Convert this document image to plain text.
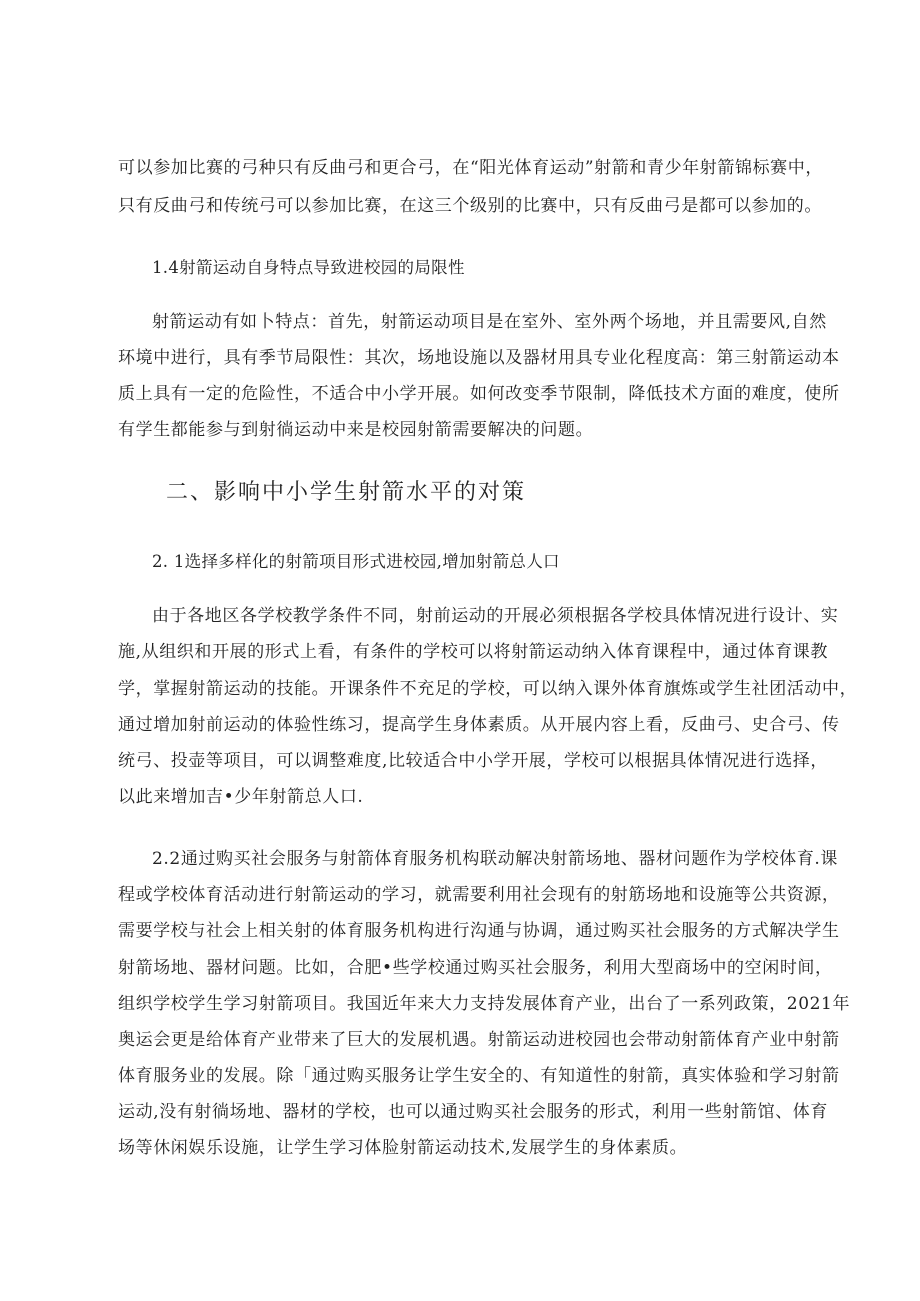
可以参加比赛的弓种只有反曲弓和更合弓，在“阳光体育运动”射箭和青少年射箭锦标赛中，
只有反曲弓和传统弓可以参加比赛，在这三个级别的比赛中，只有反曲弓是都可以参加的。
1.4射箭运动自身特点导致进校园的局限性
射箭运动有如卜特点：首先，射箭运动项目是在室外、室外两个场地，并且需要风,自然
环境中进行，具有季节局限性：其次，场地设施以及器材用具专业化程度高：第三射箭运动本
质上具有一定的危险性，不适合中小学开展。如何改变季节限制，降低技术方面的难度，使所
有学生都能参与到射徜运动中来是校园射箭需要解决的问题。
二、影响中小学生射箭水平的对策
2. 1选择多样化的射箭项目形式进校园,增加射箭总人口
由于各地区各学校教学条件不同，射前运动的开展必须根据各学校具体情况进行设计、实
施,从组织和开展的形式上看，有条件的学校可以将射箭运动纳入体育课程中，通过体育课教
学，掌握射箭运动的技能。开课条件不充足的学校，可以纳入课外体育旗炼或学生社团活动中，
通过增加射前运动的体验性练习，提高学生身体素质。从开展内容上看，反曲弓、史合弓、传
统弓、投壶等项目，可以调整难度,比较适合中小学开展，学校可以根据具体情况进行选择，
以此来增加吉•少年射箭总人口.
2.2通过购买社会服务与射箭体育服务机构联动解决射箭场地、器材问题作为学校体育.课
程或学校体育活动进行射箭运动的学习，就需要利用社会现有的射筋场地和设施等公共资源，
需要学校与社会上相关射的体育服务机构进行沟通与协调，通过购买社会服务的方式解决学生
射箭场地、器材问题。比如，合肥•些学校通过购买社会服务，利用大型商场中的空闲时间，
组织学校学生学习射箭项目。我国近年来大力支持发展体育产业，出台了一系列政策，2021年
奥运会更是给体育产业带来了巨大的发展机遇。射箭运动进校园也会带动射箭体育产业中射箭
体育服务业的发展。除「通过购买服务让学生安全的、有知道性的射箭，真实体验和学习射箭
运动,没有射徜场地、器材的学校，也可以通过购买社会服务的形式，利用一些射箭馆、体育
场等休闲娱乐设施，让学生学习体脸射箭运动技术,发展学生的身体素质。
